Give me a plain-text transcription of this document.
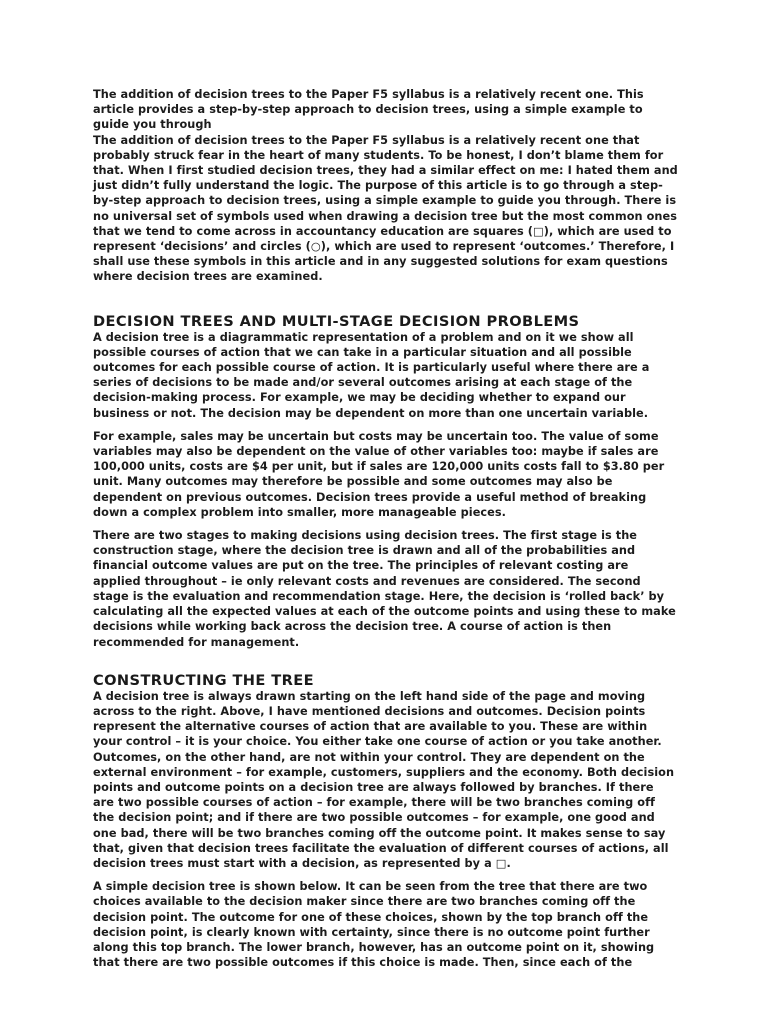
The addition of decision trees to the Paper F5 syllabus is a relatively recent one. This article provides a step-by-step approach to decision trees, using a simple example to guide you through

The addition of decision trees to the Paper F5 syllabus is a relatively recent one that probably struck fear in the heart of many students. To be honest, I don’t blame them for that. When I first studied decision trees, they had a similar effect on me: I hated them and just didn’t fully understand the logic. The purpose of this article is to go through a step-by-step approach to decision trees, using a simple example to guide you through. There is no universal set of symbols used when drawing a decision tree but the most common ones that we tend to come across in accountancy education are squares (□), which are used to represent ‘decisions’ and circles (○), which are used to represent ‘outcomes.’ Therefore, I shall use these symbols in this article and in any suggested solutions for exam questions where decision trees are examined.

DECISION TREES AND MULTI-STAGE DECISION PROBLEMS

A decision tree is a diagrammatic representation of a problem and on it we show all possible courses of action that we can take in a particular situation and all possible outcomes for each possible course of action. It is particularly useful where there are a series of decisions to be made and/or several outcomes arising at each stage of the decision-making process. For example, we may be deciding whether to expand our business or not. The decision may be dependent on more than one uncertain variable.

For example, sales may be uncertain but costs may be uncertain too. The value of some variables may also be dependent on the value of other variables too: maybe if sales are 100,000 units, costs are $4 per unit, but if sales are 120,000 units costs fall to $3.80 per unit. Many outcomes may therefore be possible and some outcomes may also be dependent on previous outcomes. Decision trees provide a useful method of breaking down a complex problem into smaller, more manageable pieces.

There are two stages to making decisions using decision trees. The first stage is the construction stage, where the decision tree is drawn and all of the probabilities and financial outcome values are put on the tree. The principles of relevant costing are applied throughout – ie only relevant costs and revenues are considered. The second stage is the evaluation and recommendation stage. Here, the decision is ‘rolled back’ by calculating all the expected values at each of the outcome points and using these to make decisions while working back across the decision tree. A course of action is then recommended for management.

CONSTRUCTING THE TREE

A decision tree is always drawn starting on the left hand side of the page and moving across to the right. Above, I have mentioned decisions and outcomes. Decision points represent the alternative courses of action that are available to you. These are within your control – it is your choice. You either take one course of action or you take another. Outcomes, on the other hand, are not within your control. They are dependent on the external environment – for example, customers, suppliers and the economy. Both decision points and outcome points on a decision tree are always followed by branches. If there are two possible courses of action – for example, there will be two branches coming off the decision point; and if there are two possible outcomes – for example, one good and one bad, there will be two branches coming off the outcome point. It makes sense to say that, given that decision trees facilitate the evaluation of different courses of actions, all decision trees must start with a decision, as represented by a □.

A simple decision tree is shown below. It can be seen from the tree that there are two choices available to the decision maker since there are two branches coming off the decision point. The outcome for one of these choices, shown by the top branch off the decision point, is clearly known with certainty, since there is no outcome point further along this top branch. The lower branch, however, has an outcome point on it, showing that there are two possible outcomes if this choice is made. Then, since each of the
